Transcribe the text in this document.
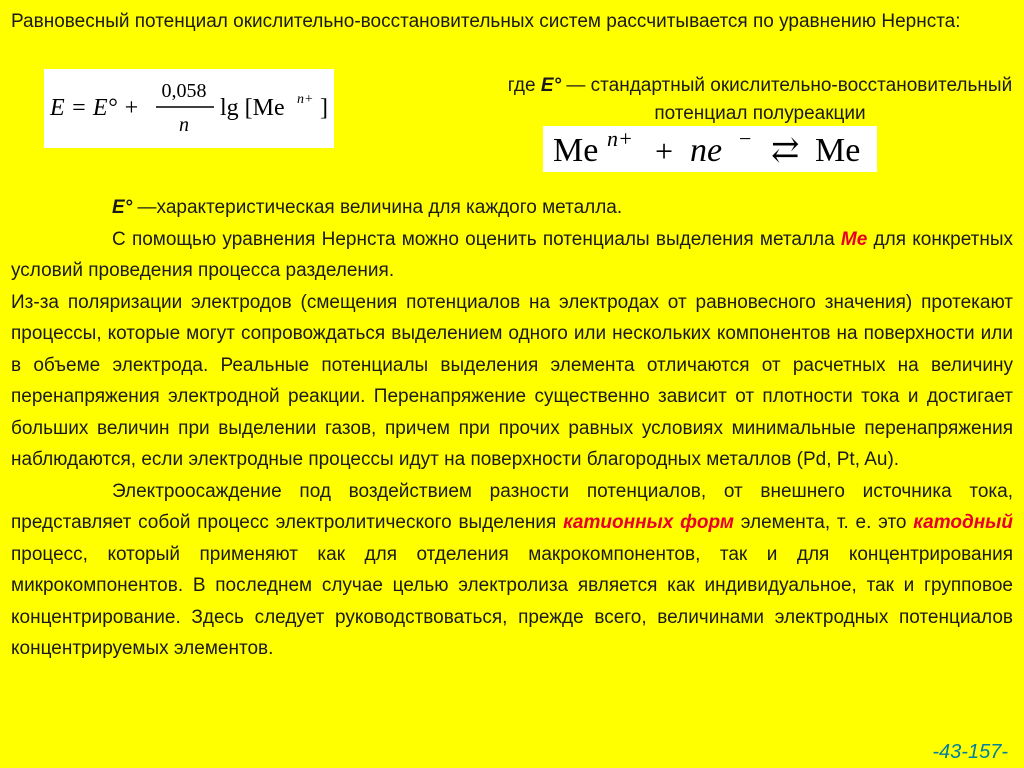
Равновесный потенциал окислительно-восстановительных систем рассчитывается по уравнению Нернста:
E = E° +
0,058
n
lg [Me n+ ]
где E° — стандартный окислительно-восстановительный потенциал полуреакции
Me n+ + ne − ⇄ Me

E° —характеристическая величина для каждого металла.

С помощью уравнения Нернста можно оценить потенциалы выделения металла Me для конкретных условий проведения процесса разделения.

Из-за поляризации электродов (смещения потенциалов на электродах от равновесного значения) протекают процессы, которые могут сопровождаться выделением одного или нескольких компонентов на поверхности или в объеме электрода. Реальные потенциалы выделения элемента отличаются от расчетных на величину перенапряжения электродной реакции. Перенапряжение существенно зависит от плотности тока и достигает больших величин при выделении газов, причем при прочих равных условиях минимальные перенапряжения наблюдаются, если электродные процессы идут на поверхности благородных металлов (Pd, Pt, Au).

Электроосаждение под воздействием разности потенциалов, от внешнего источника тока, представляет собой процесс электролитического выделения катионных форм элемента, т. е. это катодный процесс, который применяют как для отделения макрокомпонентов, так и для концентрирования микрокомпонентов. В последнем случае целью электролиза является как индивидуальное, так и групповое концентрирование. Здесь следует руководствоваться, прежде всего, величинами электродных потенциалов концентрируемых элементов.

-43-157-
